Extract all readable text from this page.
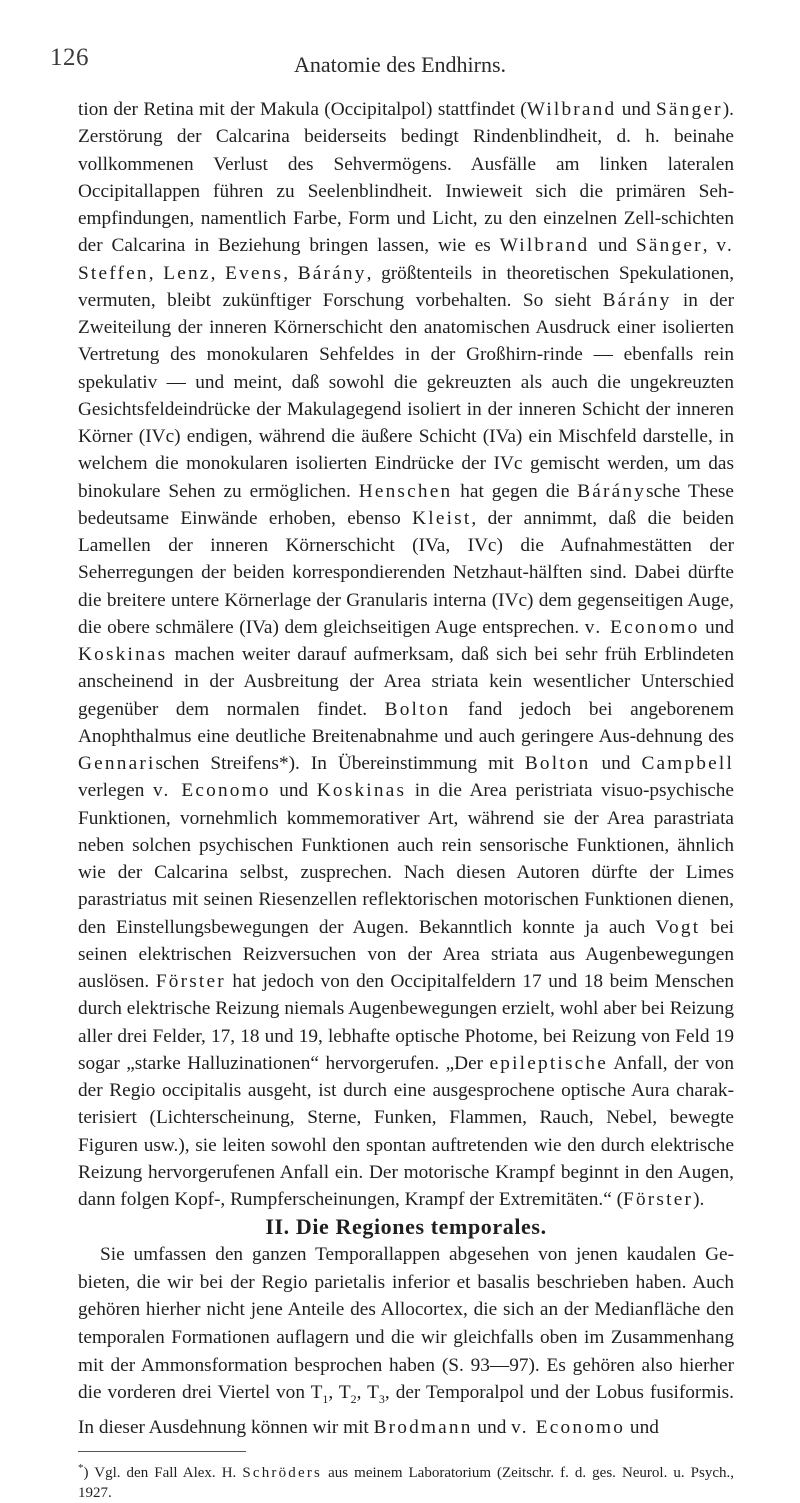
126	Anatomie des Endhirns.

tion der Retina mit der Makula (Occipitalpol) stattfindet (Wilbrand und Sänger). Zerstörung der Calcarina beiderseits bedingt Rindenblindheit, d. h. beinahe vollkommenen Verlust des Sehvermögens. Ausfälle am linken lateralen Occipitallappen führen zu Seelenblindheit. Inwieweit sich die primären Seh-empfindungen, namentlich Farbe, Form und Licht, zu den einzelnen Zell-schichten der Calcarina in Beziehung bringen lassen, wie es Wilbrand und Sänger, v. Steffen, Lenz, Evens, Bárány, größtenteils in theoretischen Spekulationen, vermuten, bleibt zukünftiger Forschung vorbehalten. So sieht Bárány in der Zweiteilung der inneren Körnerschicht den anatomischen Ausdruck einer isolierten Vertretung des monokularen Sehfeldes in der Großhirn-rinde — ebenfalls rein spekulativ — und meint, daß sowohl die gekreuzten als auch die ungekreuzten Gesichtsfeldeindrücke der Makulagegend isoliert in der inneren Schicht der inneren Körner (IVc) endigen, während die äußere Schicht (IVa) ein Mischfeld darstelle, in welchem die monokularen isolierten Eindrücke der IVc gemischt werden, um das binokulare Sehen zu ermöglichen. Henschen hat gegen die Báránysche These bedeutsame Einwände erhoben, ebenso Kleist, der annimmt, daß die beiden Lamellen der inneren Körnerschicht (IVa, IVc) die Aufnahmestätten der Seherregungen der beiden korrespondierenden Netzhaut-hälften sind. Dabei dürfte die breitere untere Körnerlage der Granularis interna (IVc) dem gegenseitigen Auge, die obere schmälere (IVa) dem gleichseitigen Auge entsprechen. v. Economo und Koskinas machen weiter darauf aufmerksam, daß sich bei sehr früh Erblindeten anscheinend in der Ausbreitung der Area striata kein wesentlicher Unterschied gegenüber dem normalen findet. Bolton fand jedoch bei angeborenem Anophthalmus eine deutliche Breitenabnahme und auch geringere Aus-dehnung des Gennarischen Streifens*). In Übereinstimmung mit Bolton und Campbell verlegen v. Economo und Koskinas in die Area peristriata visuo-psychische Funktionen, vornehmlich kommemorativer Art, während sie der Area parastriata neben solchen psychischen Funktionen auch rein sensorische Funktionen, ähnlich wie der Calcarina selbst, zusprechen. Nach diesen Autoren dürfte der Limes parastriatus mit seinen Riesenzellen reflektorischen motorischen Funktionen dienen, den Einstellungsbewegungen der Augen. Bekanntlich konnte ja auch Vogt bei seinen elektrischen Reizversuchen von der Area striata aus Augenbewegungen auslösen. Förster hat jedoch von den Occipitalfeldern 17 und 18 beim Menschen durch elektrische Reizung niemals Augenbewegungen erzielt, wohl aber bei Reizung aller drei Felder, 17, 18 und 19, lebhafte optische Photome, bei Reizung von Feld 19 sogar „starke Halluzinationen“ hervorgerufen. „Der epileptische Anfall, der von der Regio occipitalis ausgeht, ist durch eine ausgesprochene optische Aura charak-terisiert (Lichterscheinung, Sterne, Funken, Flammen, Rauch, Nebel, bewegte Figuren usw.), sie leiten sowohl den spontan auftretenden wie den durch elektrische Reizung hervorgerufenen Anfall ein. Der motorische Krampf beginnt in den Augen, dann folgen Kopf-, Rumpferscheinungen, Krampf der Extremitäten.“ (Förster).

II. Die Regiones temporales.

Sie umfassen den ganzen Temporallappen abgesehen von jenen kaudalen Ge-bieten, die wir bei der Regio parietalis inferior et basalis beschrieben haben. Auch gehören hierher nicht jene Anteile des Allocortex, die sich an der Medianfläche den temporalen Formationen auflagern und die wir gleichfalls oben im Zusammenhang mit der Ammonsformation besprochen haben (S. 93—97). Es gehören also hierher die vorderen drei Viertel von $T_1$, $T_2$, $T_3$, der Temporalpol und der Lobus fusiformis. In dieser Ausdehnung können wir mit Brodmann und v. Economo und

*) Vgl. den Fall Alex. H. Schröders aus meinem Laboratorium (Zeitschr. f. d. ges. Neurol. u. Psych., 1927.
